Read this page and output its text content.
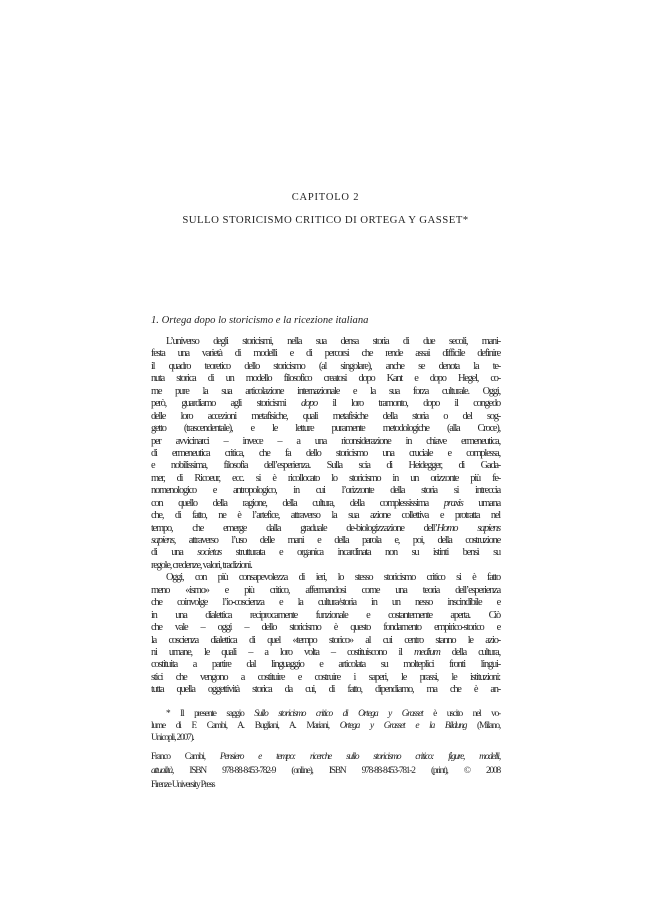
CAPITOLO 2
SULLO STORICISMO CRITICO DI ORTEGA Y GASSET*
1. Ortega dopo lo storicismo e la ricezione italiana
L’universo degli storicismi, nella sua densa storia di due secoli, mani-
festa una varietà di modelli e di percorsi che rende assai difficile definire
il quadro teoretico dello storicismo (al singolare), anche se denota la te-
nuta storica di un modello filosofico creatosi dopo Kant e dopo Hegel, co-
me pure la sua articolazione internazionale e la sua forza culturale. Oggi,
però, guardiamo agli storicismi dopo il loro tramonto, dopo il congedo
delle loro accezioni metafisiche, quali metafisiche della storia o del sog-
getto (trascendentale), e le letture puramente metodologiche (alla Croce),
per avvicinarci – invece – a una riconsiderazione in chiave ermeneutica,
di ermeneutica critica, che fa dello storicismo una cruciale e complessa,
e nobilissima, filosofia dell’esperienza. Sulla scia di Heidegger, di Gada-
mer, di Ricoeur, ecc. si è ricollocato lo storicismo in un orizzonte più fe-
nomenologico e antropologico, in cui l’orizzonte della storia si intreccia
con quello della ragione, della cultura, della complessissima praxis umana
che, di fatto, ne è l’artefice, attraverso la sua azione collettiva e protratta nel
tempo, che emerge dalla graduale de-biologizzazione dell’Homo sapiens
sapiens, attraverso l’uso delle mani e della parola e, poi, della costruzione
di una societas strutturata e organica incardinata non su istinti bensì su
regole, credenze, valori, tradizioni.
Oggi, con più consapevolezza di ieri, lo stesso storicismo critico si è fatto
meno «ismo» e più critico, affermandosi come una teoria dell’esperienza
che coinvolge l’io-coscienza e la cultura/storia in un nesso inscindibile e
in una dialettica reciprocamente funzionale e costantemente aperta. Ciò
che vale – oggi – dello storicismo è questo fondamento empirico-storico e
la coscienza dialettica di quel «tempo storico» al cui centro stanno le azio-
ni umane, le quali – a loro volta – costituiscono il medium della cultura,
costituita a partire dal linguaggio e articolata su molteplici fronti lingui-
stici che vengono a costituire e costruire i saperi, le prassi, le istituzioni:
tutta quella oggettività storica da cui, di fatto, dipendiamo, ma che è an-
* Il presente saggio Sullo storicismo critico di Ortega y Grasset è uscito nel vo-
lume di F. Cambi, A. Bugliani, A. Mariani, Ortega y Grasset e la Bildung (Milano,
Unicopli, 2007).
Franco Cambi, Pensiero e tempo: ricerche sullo storicismo critico: figure, modelli,
attualità, ISBN 978-88-8453-782-9 (online), ISBN 978-88-8453-781-2 (print), © 2008
Firenze University Press
